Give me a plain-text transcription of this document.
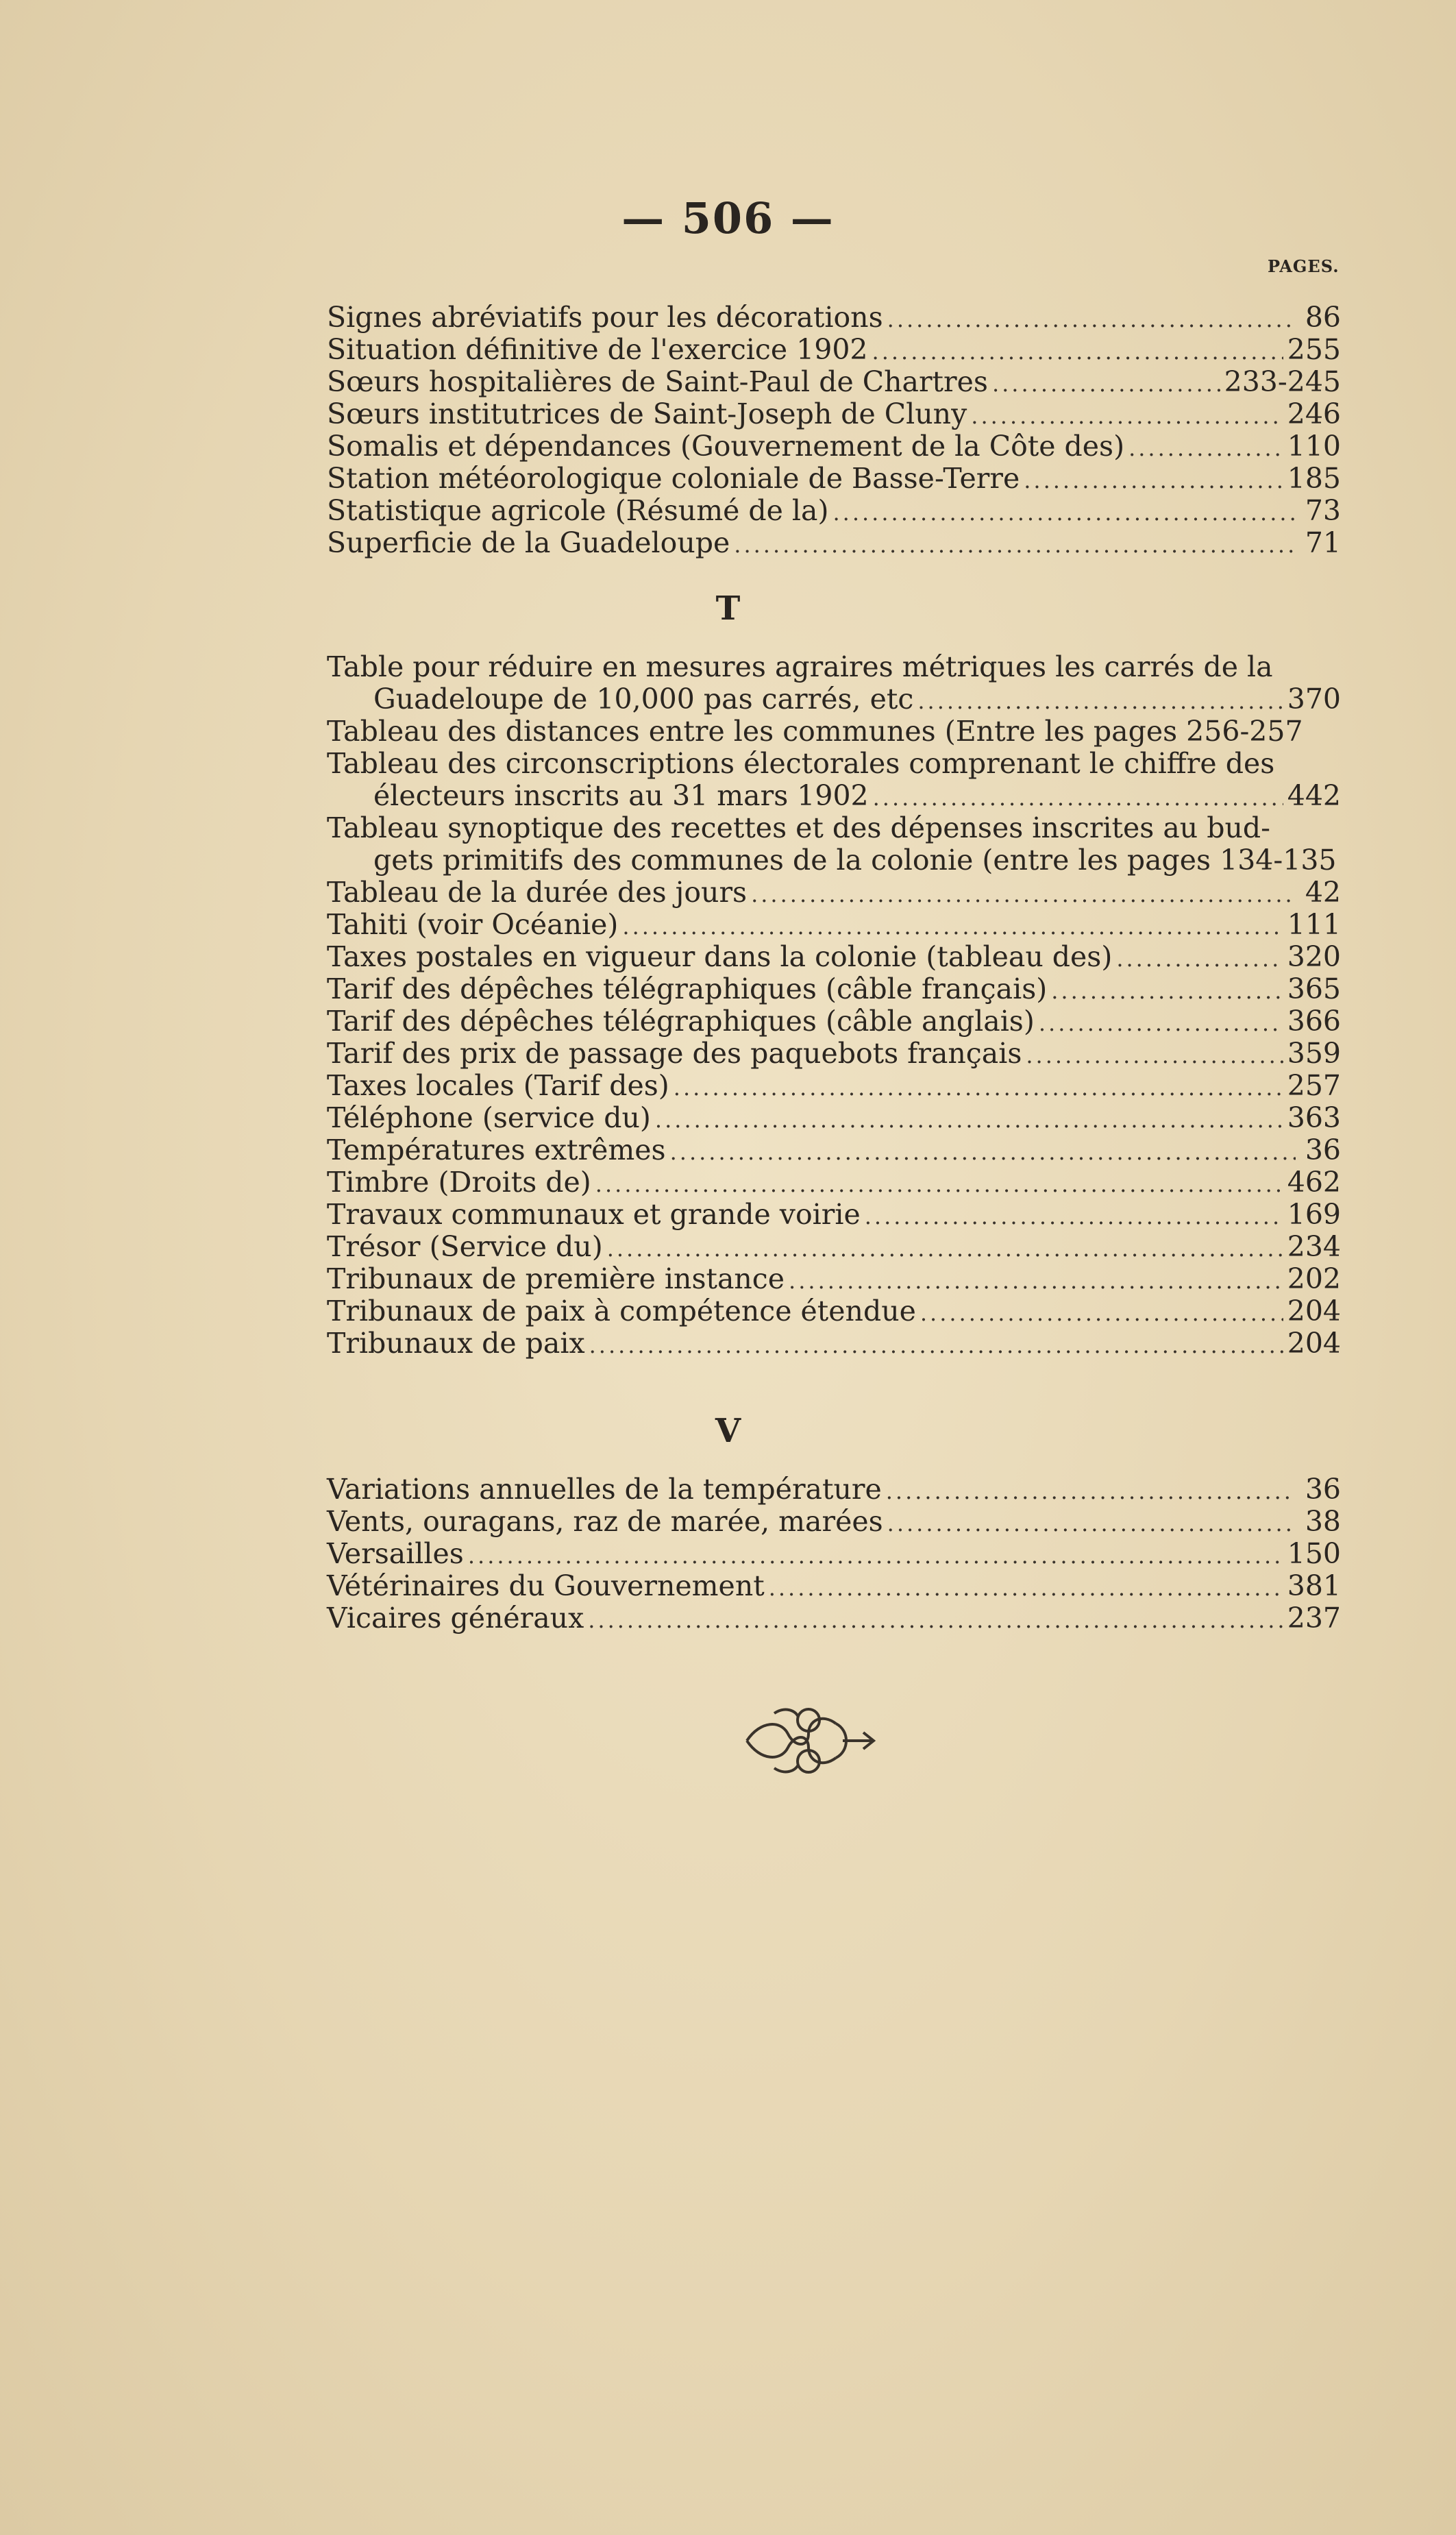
— 506 —
PAGES.
Signes abréviatifs pour les décorations .....	86
Situation définitive de l'exercice 1902 .....	255
Sœurs hospitalières de Saint-Paul de Chartres .....	233-245
Sœurs institutrices de Saint-Joseph de Cluny .....	246
Somalis et dépendances (Gouvernement de la Côte des) .....	110
Station météorologique coloniale de Basse-Terre .....	185
Statistique agricole (Résumé de la) .....	73
Superficie de la Guadeloupe .....	71
T
Table pour réduire en mesures agraires métriques les carrés de la
Guadeloupe de 10,000 pas carrés, etc .....	370
Tableau des distances entre les communes (Entre les pages 256-257
Tableau des circonscriptions électorales comprenant le chiffre des
électeurs inscrits au 31 mars 1902 .....	442
Tableau synoptique des recettes et des dépenses inscrites au bud-
gets primitifs des communes de la colonie (entre les pages 134-135
Tableau de la durée des jours .....	42
Tahiti (voir Océanie) .....	111
Taxes postales en vigueur dans la colonie (tableau des) .....	320
Tarif des dépêches télégraphiques (câble français) .....	365
Tarif des dépêches télégraphiques (câble anglais) .....	366
Tarif des prix de passage des paquebots français .....	359
Taxes locales (Tarif des) .....	257
Téléphone (service du) .....	363
Températures extrêmes .....	36
Timbre (Droits de) .....	462
Travaux communaux et grande voirie .....	169
Trésor (Service du) .....	234
Tribunaux de première instance .....	202
Tribunaux de paix à compétence étendue .....	204
Tribunaux de paix .....	204
V
Variations annuelles de la température .....	36
Vents, ouragans, raz de marée, marées .....	38
Versailles .....	150
Vétérinaires du Gouvernement .....	381
Vicaires généraux .....	237
